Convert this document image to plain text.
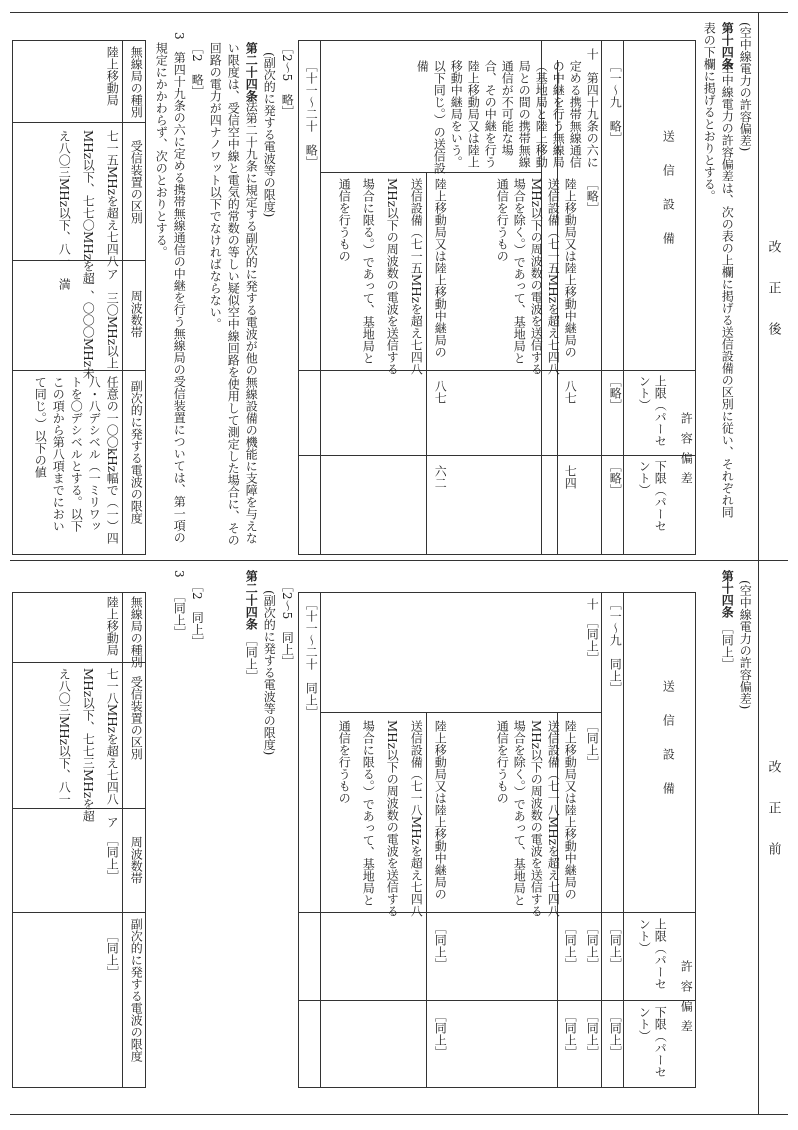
改正後
改正前
(空中線電力の許容偏差)
第十四条
空中線電力の許容偏差は、次の表の上欄に掲げる送信設備の区別に従い、それぞれ同
表の下欄に掲げるとおりとする。
送信設備
許容偏差
上限（パーセ
ント）
下限（パーセ
ント）
［一～九　略］
［略］
［略］
十　第四十九条の六に
定める携帯無線通信
の中継を行う無線局
（基地局と陸上移動
局との間の携帯無線
通信が不可能な場
合、その中継を行う
陸上移動局又は陸上
移動中継局をいう。
以下同じ。）の送信設
備
［略］
陸上移動局又は陸上移動中継局の
送信設備（七一五MHzを超え七四八
MHz以下の周波数の電波を送信する
場合を除く。）であって、基地局と
通信を行うもの
八七
七四
陸上移動局又は陸上移動中継局の
送信設備（七一五MHzを超え七四八
MHz以下の周波数の電波を送信する
場合に限る。）であって、基地局と
通信を行うもの
八七
六二
［十一～二十　略］
［2～5　略］
(副次的に発する電波等の限度)
第二十四条
法第二十九条に規定する副次的に発する電波が他の無線設備の機能に支障を与えな
い限度は、受信空中線と電気的常数の等しい疑似空中線回路を使用して測定した場合に、その
回路の電力が四ナノワット以下でなければならない。
［2　略］
3　第四十九条の六に定める携帯無線通信の中継を行う無線局の受信装置については、第一項の
規定にかかわらず、次のとおりとする。
無線局の種別
受信装置の区別
周波数帯
副次的に発する電波の限度
陸上移動局
七一五MHzを超え七四八
MHz以下、七七〇MHzを超
え八〇三MHz以下、八一
ア　三〇MHz以上
一、〇〇〇MHz未
満
任意の一〇〇kHz幅で（一）四
八・八デシベル（一ミリワッ
トを〇デシベルとする。以下
この項から第八項までにおい
て同じ。）以下の値
(空中線電力の許容偏差)
第十四条
［同上］
送信設備
許容偏差
上限（パーセ
ント）
下限（パーセ
ント）
［一～九　同上］
［同上］
［同上］
十　［同上］
［同上］
［同上］
［同上］
陸上移動局又は陸上移動中継局の
送信設備（七一八MHzを超え七四八
MHz以下の周波数の電波を送信する
場合を除く。）であって、基地局と
通信を行うもの
［同上］
［同上］
陸上移動局又は陸上移動中継局の
送信設備（七一八MHzを超え七四八
MHz以下の周波数の電波を送信する
場合に限る。）であって、基地局と
通信を行うもの
［同上］
［同上］
［十一～二十　同上］
［2～5　同上］
(副次的に発する電波等の限度)
第二十四条
［同上］
［2　同上］
［同上］
3
無線局の種別
受信装置の区別
周波数帯
副次的に発する電波の限度
陸上移動局
七一八MHzを超え七四八
MHz以下、七七三MHzを超
え八〇三MHz以下、八一
ア　［同上］
［同上］
